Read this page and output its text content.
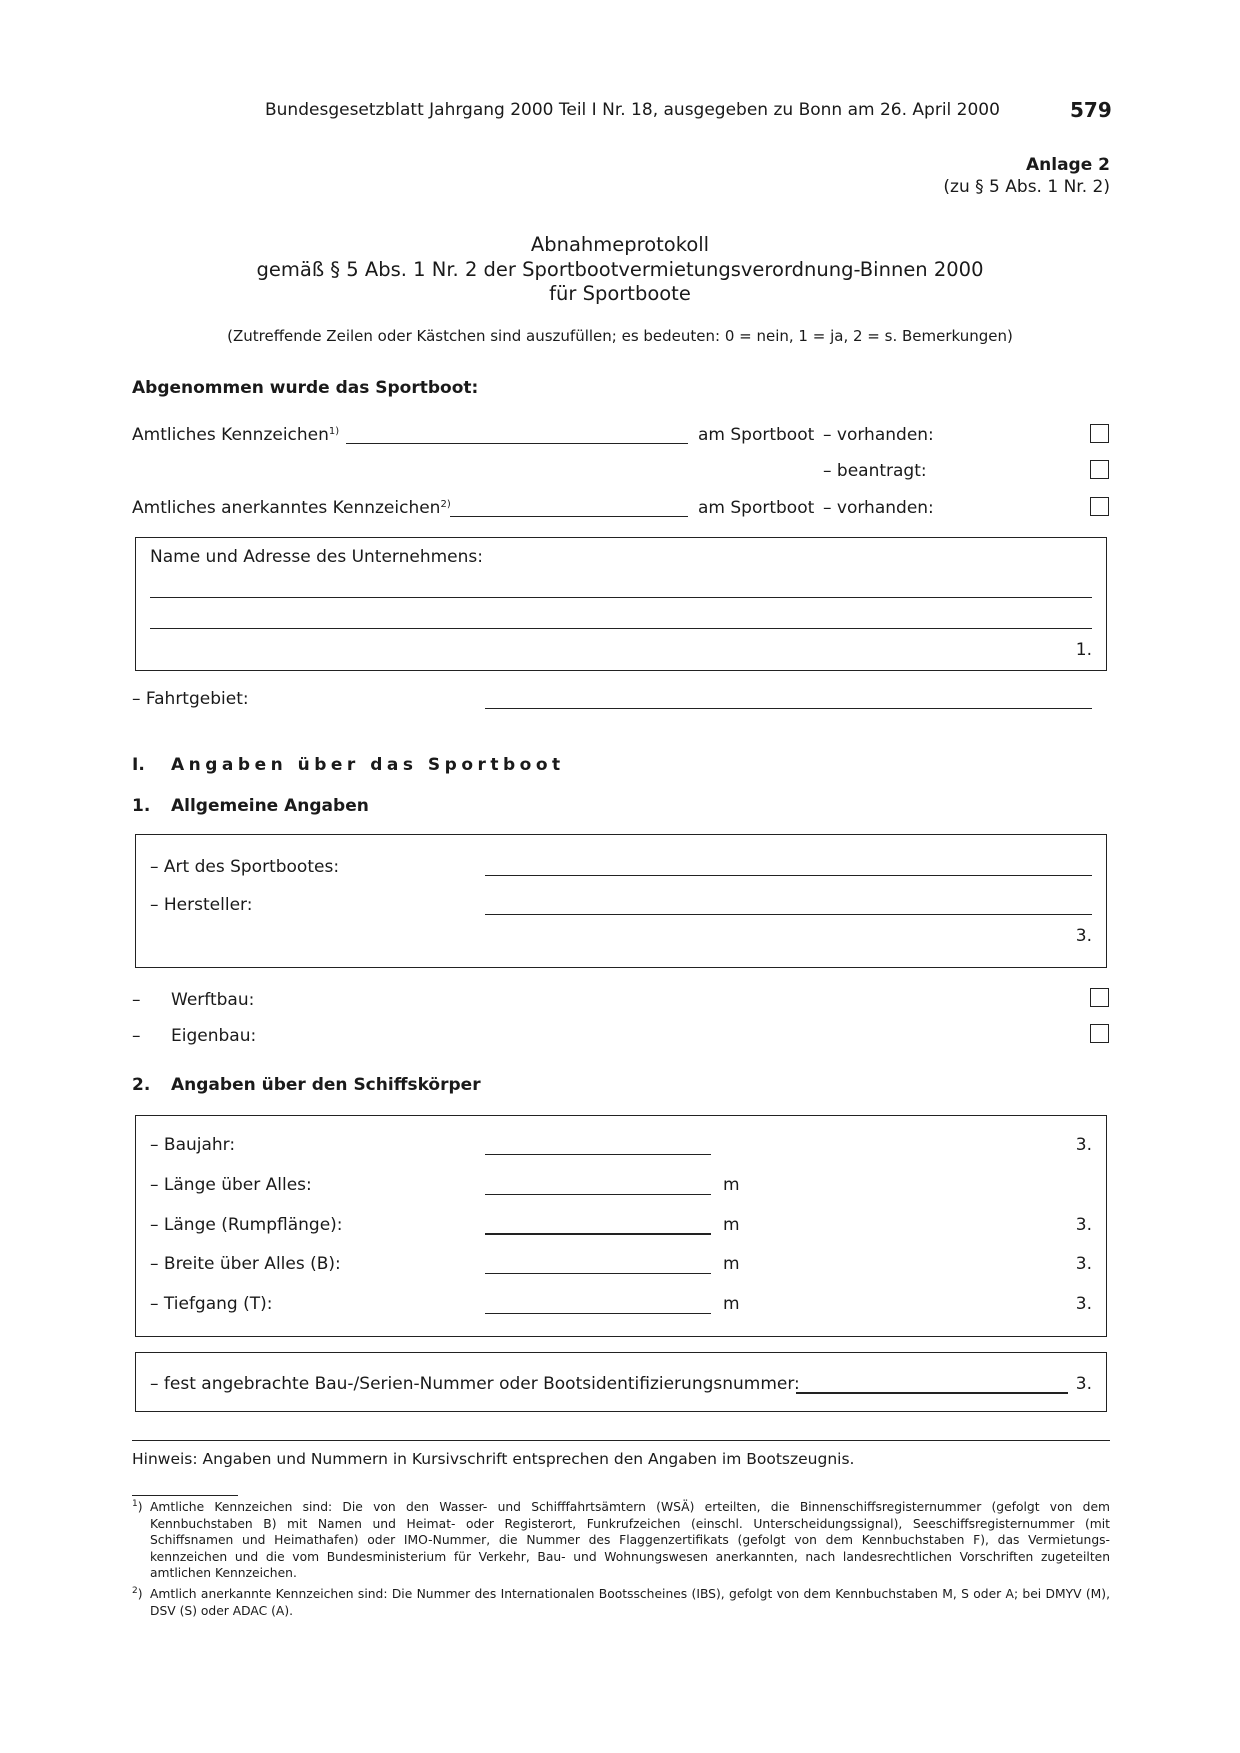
Bundesgesetzblatt Jahrgang 2000 Teil I Nr. 18, ausgegeben zu Bonn am 26. April 2000	579
Anlage 2
(zu § 5 Abs. 1 Nr. 2)
Abnahmeprotokoll
gemäß § 5 Abs. 1 Nr. 2 der Sportbootvermietungsverordnung-Binnen 2000
für Sportboote
(Zutreffende Zeilen oder Kästchen sind auszufüllen; es bedeuten: 0 = nein, 1 = ja, 2 = s. Bemerkungen)
Abgenommen wurde das Sportboot:
Amtliches Kennzeichen$^{1)}$	am Sportboot – vorhanden:
– beantragt:
Amtliches anerkanntes Kennzeichen$^{2)}$	am Sportboot – vorhanden:
Name und Adresse des Unternehmens:
1.
– Fahrtgebiet:
I. Angaben über das Sportboot
1. Allgemeine Angaben
– Art des Sportbootes:
– Hersteller:
3.
– Werftbau:
– Eigenbau:
2. Angaben über den Schiffskörper
– Baujahr:	3.
– Länge über Alles:	m
– Länge (Rumpflänge):	m	3.
– Breite über Alles (B):	m	3.
– Tiefgang (T):	m	3.
– fest angebrachte Bau-/Serien-Nummer oder Bootsidentifizierungsnummer:	3.
Hinweis: Angaben und Nummern in Kursivschrift entsprechen den Angaben im Bootszeugnis.
$^1$) Amtliche Kennzeichen sind: Die von den Wasser- und Schifffahrtsämtern (WSÄ) erteilten, die Binnenschiffsregisternummer (gefolgt von dem Kennbuchstaben B) mit Namen und Heimat- oder Registerort, Funkrufzeichen (einschl. Unterscheidungssignal), Seeschiffsregisternummer (mit Schiffsnamen und Heimathafen) oder IMO-Nummer, die Nummer des Flaggenzertifikats (gefolgt von dem Kennbuchstaben F), das Vermietungs-kennzeichen und die vom Bundesministerium für Verkehr, Bau- und Wohnungswesen anerkannten, nach landesrechtlichen Vorschriften zugeteilten amtlichen Kennzeichen.
$^2$) Amtlich anerkannte Kennzeichen sind: Die Nummer des Internationalen Bootsscheines (IBS), gefolgt von dem Kennbuchstaben M, S oder A; bei DMYV (M), DSV (S) oder ADAC (A).
